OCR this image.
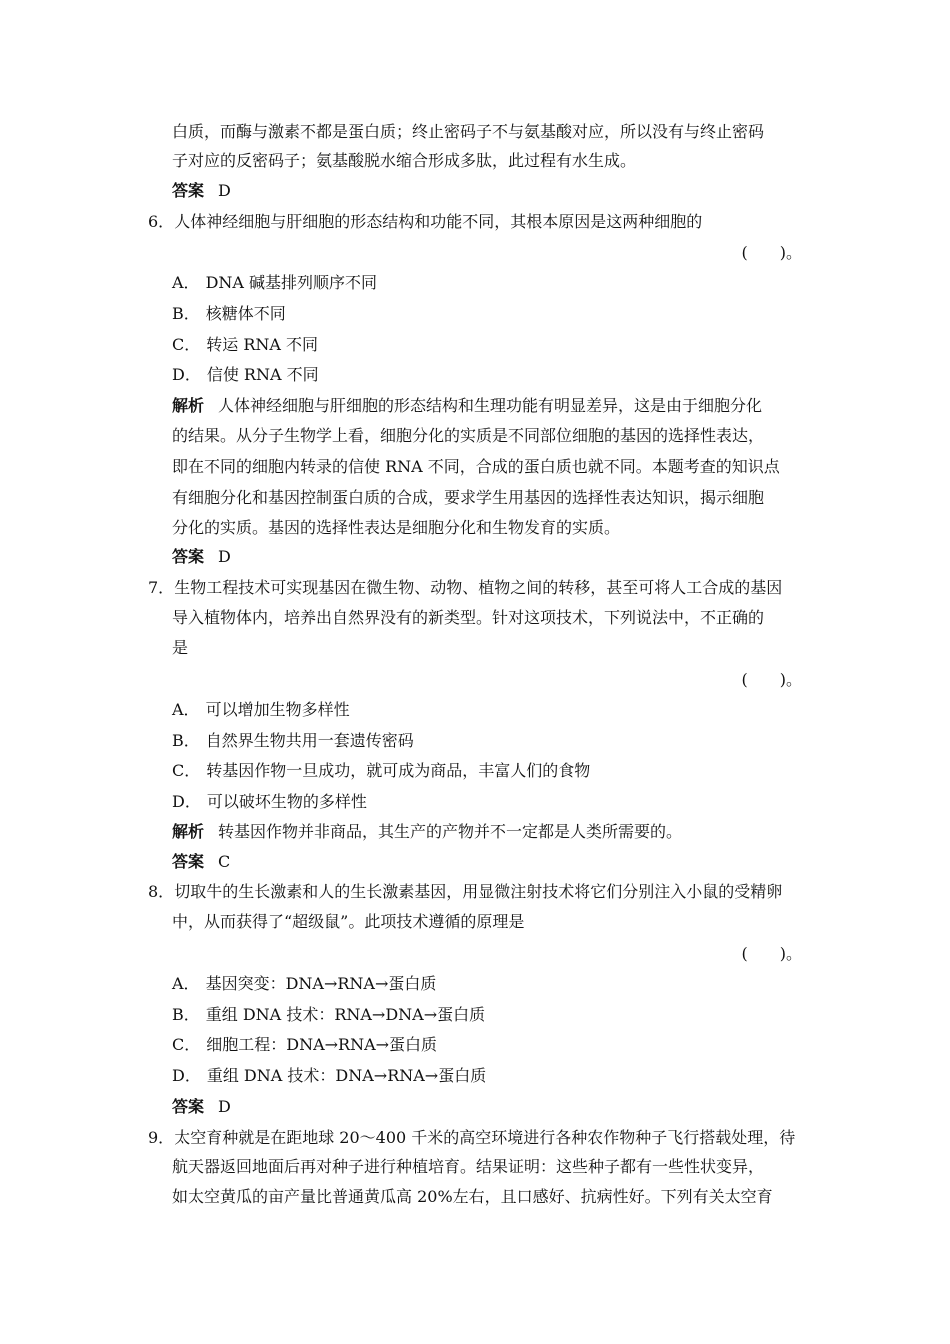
白质，而酶与激素不都是蛋白质；终止密码子不与氨基酸对应，所以没有与终止密码
子对应的反密码子；氨基酸脱水缩合形成多肽，此过程有水生成。
答案 D
6．人体神经细胞与肝细胞的形态结构和功能不同，其根本原因是这两种细胞的
(　　)。
A． DNA 碱基排列顺序不同
B． 核糖体不同
C． 转运 RNA 不同
D． 信使 RNA 不同
解析 人体神经细胞与肝细胞的形态结构和生理功能有明显差异，这是由于细胞分化
的结果。从分子生物学上看，细胞分化的实质是不同部位细胞的基因的选择性表达，
即在不同的细胞内转录的信使 RNA 不同，合成的蛋白质也就不同。本题考查的知识点
有细胞分化和基因控制蛋白质的合成，要求学生用基因的选择性表达知识，揭示细胞
分化的实质。基因的选择性表达是细胞分化和生物发育的实质。
答案 D
7．生物工程技术可实现基因在微生物、动物、植物之间的转移，甚至可将人工合成的基因
导入植物体内，培养出自然界没有的新类型。针对这项技术，下列说法中，不正确的
是
(　　)。
A． 可以增加生物多样性
B． 自然界生物共用一套遗传密码
C． 转基因作物一旦成功，就可成为商品，丰富人们的食物
D． 可以破坏生物的多样性
解析 转基因作物并非商品，其生产的产物并不一定都是人类所需要的。
答案 C
8．切取牛的生长激素和人的生长激素基因，用显微注射技术将它们分别注入小鼠的受精卵
中，从而获得了“超级鼠”。此项技术遵循的原理是
(　　)。
A． 基因突变：DNA→RNA→蛋白质
B． 重组 DNA 技术：RNA→DNA→蛋白质
C． 细胞工程：DNA→RNA→蛋白质
D． 重组 DNA 技术：DNA→RNA→蛋白质
答案 D
9．太空育种就是在距地球 20～400 千米的高空环境进行各种农作物种子飞行搭载处理，待
航天器返回地面后再对种子进行种植培育。结果证明：这些种子都有一些性状变异，
如太空黄瓜的亩产量比普通黄瓜高 20%左右，且口感好、抗病性好。下列有关太空育
